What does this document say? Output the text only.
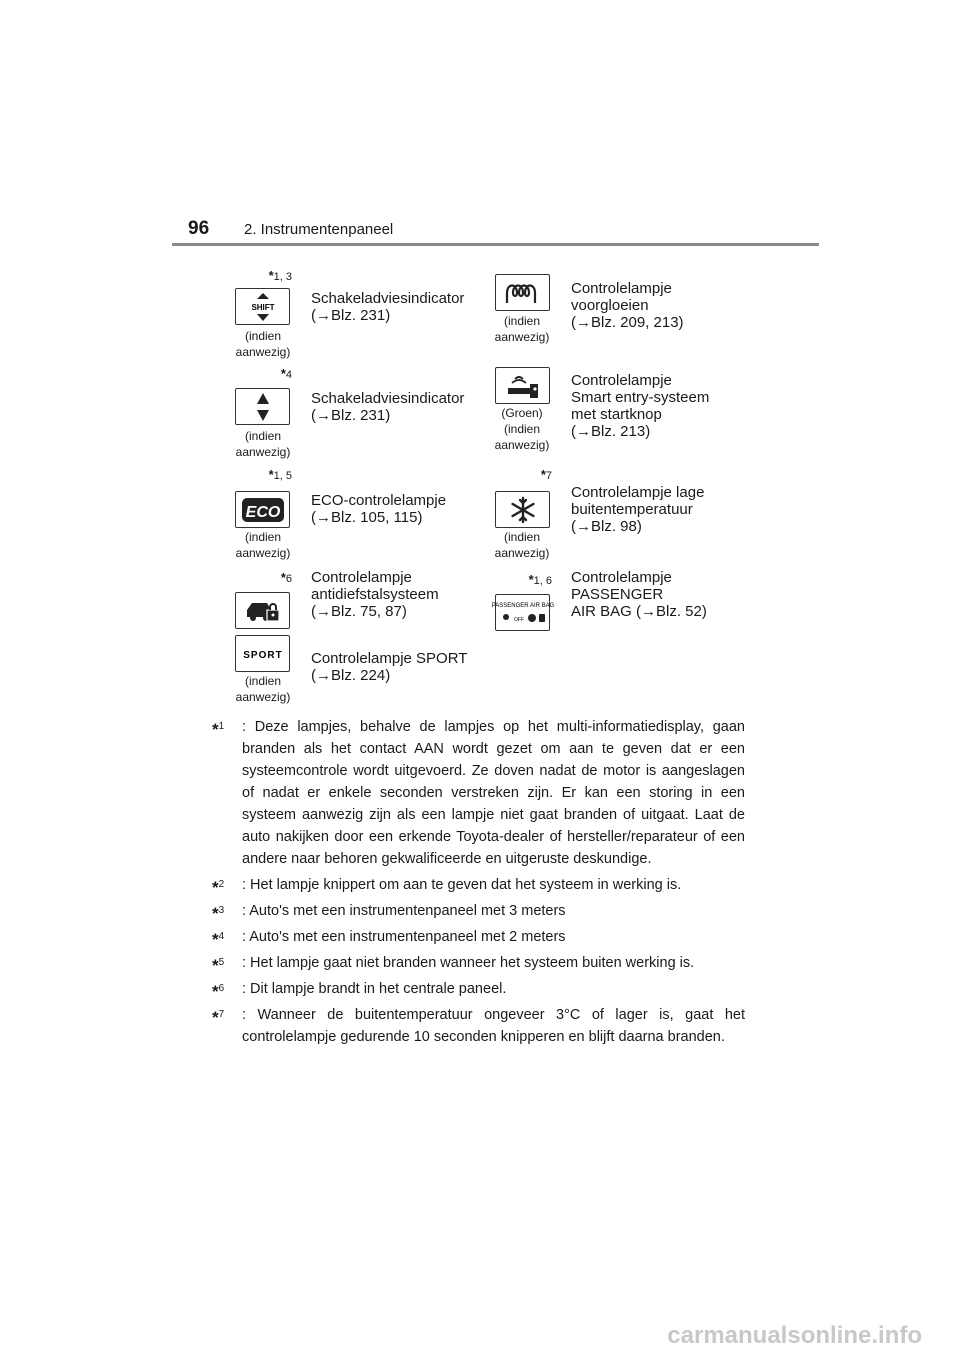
96 2. Instrumentenpaneel
*1, 3
SHIFT
(indien
aanwezig)
Schakeladviesindicator
(→Blz. 231)	(indien
aanwezig)
Controlelampje
voorgloeien
(→Blz. 209, 213)
*4
(indien
aanwezig)
Schakeladviesindicator
(→Blz. 231)	(Groen)
(indien
aanwezig)
Controlelampje
Smart entry-systeem
met startknop
(→Blz. 213)
*1, 5
ECO
(indien
aanwezig)
ECO-controlelampje
(→Blz. 105, 115)
*7
(indien
aanwezig)
Controlelampje lage
buitentemperatuur
(→Blz. 98)
*6 Controlelampje
antidiefstalsysteem
(→Blz. 75, 87)
*1, 6
PASSENGER AIR BAG
OFF
Controlelampje
PASSENGER
AIR BAG (→Blz. 52)
SPORT
(indien
aanwezig)
Controlelampje SPORT
(→Blz. 224)
*$^1$ : Deze lampjes, behalve de lampjes op het multi-informatiedisplay, gaan branden als het contact AAN wordt gezet om aan te geven dat er een systeemcontrole wordt uitgevoerd. Ze doven nadat de motor is aangeslagen of nadat er enkele seconden verstreken zijn. Er kan een storing in een systeem aanwezig zijn als een lampje niet gaat branden of uitgaat. Laat de auto nakijken door een erkende Toyota-dealer of hersteller/reparateur of een andere naar behoren gekwalificeerde en uitgeruste deskundige.
*$^2$ : Het lampje knippert om aan te geven dat het systeem in werking is.
*$^3$ : Auto's met een instrumentenpaneel met 3 meters
*$^4$ : Auto's met een instrumentenpaneel met 2 meters
*$^5$ : Het lampje gaat niet branden wanneer het systeem buiten werking is.
*$^6$ : Dit lampje brandt in het centrale paneel.
*$^7$ : Wanneer de buitentemperatuur ongeveer 3°C of lager is, gaat het controlelampje gedurende 10 seconden knipperen en blijft daarna branden.
carmanualsonline.info
